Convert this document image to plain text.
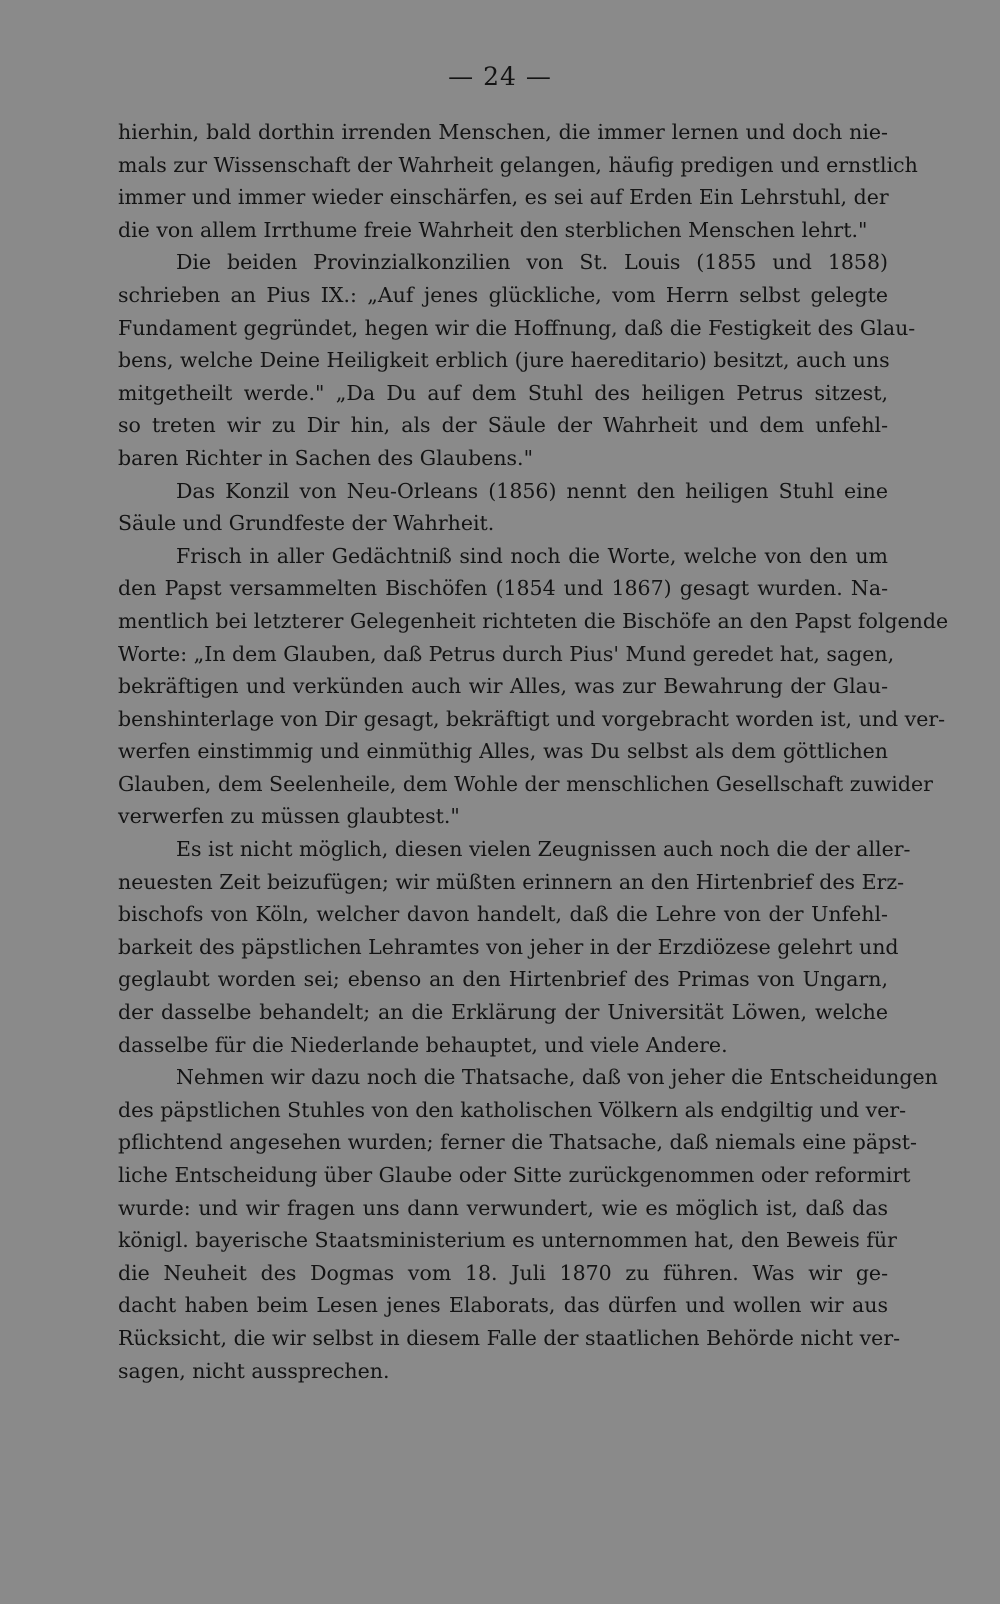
— 24 —
hierhin, bald dorthin irrenden Menschen, die immer lernen und doch nie-
mals zur Wissenschaft der Wahrheit gelangen, häufig predigen und ernstlich
immer und immer wieder einschärfen, es sei auf Erden Ein Lehrstuhl, der
die von allem Irrthume freie Wahrheit den sterblichen Menschen lehrt."
Die beiden Provinzialkonzilien von St. Louis (1855 und 1858)
schrieben an Pius IX.: „Auf jenes glückliche, vom Herrn selbst gelegte
Fundament gegründet, hegen wir die Hoffnung, daß die Festigkeit des Glau-
bens, welche Deine Heiligkeit erblich (jure haereditario) besitzt, auch uns
mitgetheilt werde." „Da Du auf dem Stuhl des heiligen Petrus sitzest,
so treten wir zu Dir hin, als der Säule der Wahrheit und dem unfehl-
baren Richter in Sachen des Glaubens."
Das Konzil von Neu-Orleans (1856) nennt den heiligen Stuhl eine
Säule und Grundfeste der Wahrheit.
Frisch in aller Gedächtniß sind noch die Worte, welche von den um
den Papst versammelten Bischöfen (1854 und 1867) gesagt wurden. Na-
mentlich bei letzterer Gelegenheit richteten die Bischöfe an den Papst folgende
Worte: „In dem Glauben, daß Petrus durch Pius' Mund geredet hat, sagen,
bekräftigen und verkünden auch wir Alles, was zur Bewahrung der Glau-
benshinterlage von Dir gesagt, bekräftigt und vorgebracht worden ist, und ver-
werfen einstimmig und einmüthig Alles, was Du selbst als dem göttlichen
Glauben, dem Seelenheile, dem Wohle der menschlichen Gesellschaft zuwider
verwerfen zu müssen glaubtest."
Es ist nicht möglich, diesen vielen Zeugnissen auch noch die der aller-
neuesten Zeit beizufügen; wir müßten erinnern an den Hirtenbrief des Erz-
bischofs von Köln, welcher davon handelt, daß die Lehre von der Unfehl-
barkeit des päpstlichen Lehramtes von jeher in der Erzdiözese gelehrt und
geglaubt worden sei; ebenso an den Hirtenbrief des Primas von Ungarn,
der dasselbe behandelt; an die Erklärung der Universität Löwen, welche
dasselbe für die Niederlande behauptet, und viele Andere.
Nehmen wir dazu noch die Thatsache, daß von jeher die Entscheidungen
des päpstlichen Stuhles von den katholischen Völkern als endgiltig und ver-
pflichtend angesehen wurden; ferner die Thatsache, daß niemals eine päpst-
liche Entscheidung über Glaube oder Sitte zurückgenommen oder reformirt
wurde: und wir fragen uns dann verwundert, wie es möglich ist, daß das
königl. bayerische Staatsministerium es unternommen hat, den Beweis für
die Neuheit des Dogmas vom 18. Juli 1870 zu führen. Was wir ge-
dacht haben beim Lesen jenes Elaborats, das dürfen und wollen wir aus
Rücksicht, die wir selbst in diesem Falle der staatlichen Behörde nicht ver-
sagen, nicht aussprechen.
